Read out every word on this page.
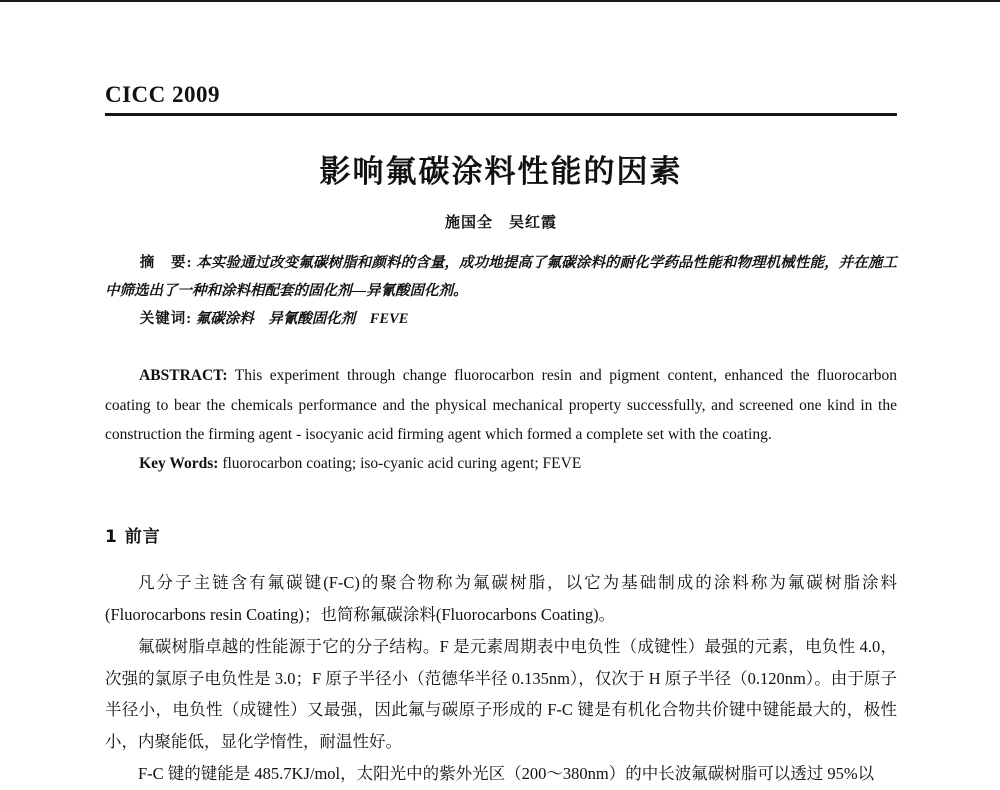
CICC 2009
影响氟碳涂料性能的因素
施国全　吴红霞

摘　要: 本实验通过改变氟碳树脂和颜料的含量，成功地提高了氟碳涂料的耐化学药品性能和物理机械性能，并在施工中筛选出了一种和涂料相配套的固化剂—异氰酸固化剂。

关键词: 氟碳涂料　异氰酸固化剂　FEVE

ABSTRACT: This experiment through change fluorocarbon resin and pigment content, enhanced the fluorocarbon coating to bear the chemicals performance and the physical mechanical property successfully, and screened one kind in the construction the firming agent - isocyanic acid firming agent which formed a complete set with the coating.

Key Words: fluorocarbon coating; iso-cyanic acid curing agent; FEVE

1 前言

凡分子主链含有氟碳键(F-C)的聚合物称为氟碳树脂，以它为基础制成的涂料称为氟碳树脂涂料(Fluorocarbons resin Coating)；也简称氟碳涂料(Fluorocarbons Coating)。

氟碳树脂卓越的性能源于它的分子结构。F 是元素周期表中电负性（成键性）最强的元素，电负性 4.0，次强的氯原子电负性是 3.0；F 原子半径小（范德华半径 0.135nm），仅次于 H 原子半径（0.120nm）。由于原子半径小，电负性（成键性）又最强，因此氟与碳原子形成的 F-C 键是有机化合物共价键中键能最大的，极性小，内聚能低，显化学惰性，耐温性好。

F-C 键的键能是 485.7KJ/mol，太阳光中的紫外光区（200～380nm）的中长波氟碳树脂可以透过 95%以
